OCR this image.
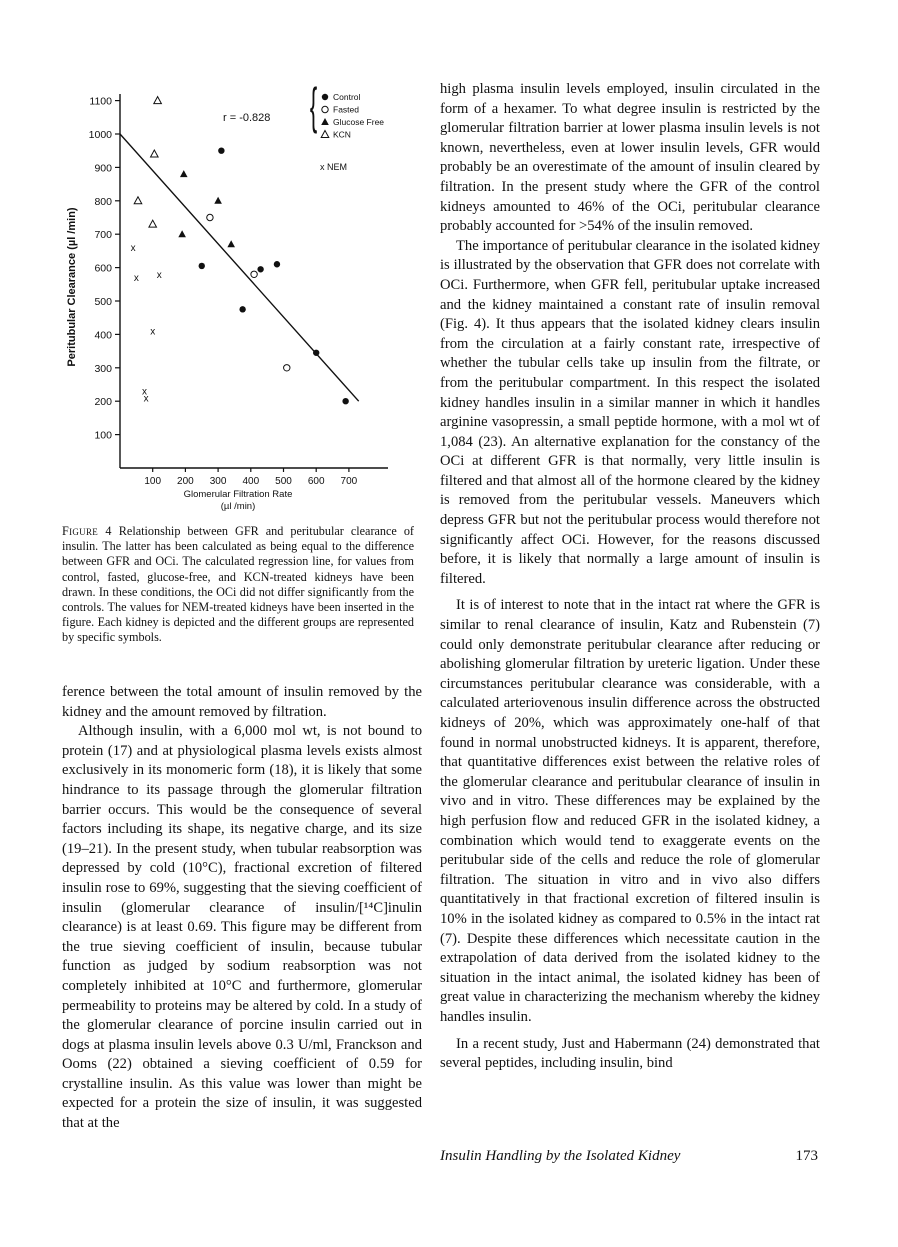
100
200
300
400
500
600
700
800
900
1000
1100
100 200 300 400 500 600 700
x
x
x
x
x
x
r = -0.828 { Control
Fasted
Glucose Free
KCN
x NEM
Peritubular Clearance (µl /min)
Glomerular Filtration Rate
(µl /min)
Figure 4 Relationship between GFR and peritubular clearance of insulin. The latter has been calculated as being equal to the difference between GFR and OCi. The calculated regression line, for values from control, fasted, glucose-free, and KCN-treated kidneys have been drawn. In these conditions, the OCi did not differ significantly from the controls. The values for NEM-treated kidneys have been inserted in the figure. Each kidney is depicted and the different groups are represented by specific symbols.

ference between the total amount of insulin removed by the kidney and the amount removed by filtration.

Although insulin, with a 6,000 mol wt, is not bound to protein (17) and at physiological plasma levels exists almost exclusively in its monomeric form (18), it is likely that some hindrance to its passage through the glomerular filtration barrier occurs. This would be the consequence of several factors including its shape, its negative charge, and its size (19–21). In the present study, when tubular reabsorption was depressed by cold (10°C), fractional excretion of filtered insulin rose to 69%, suggesting that the sieving coefficient of insulin (glomerular clearance of insulin/[¹⁴C]inulin clearance) is at least 0.69. This figure may be different from the true sieving coefficient of insulin, because tubular function as judged by sodium reabsorption was not completely inhibited at 10°C and furthermore, glomerular permeability to proteins may be altered by cold. In a study of the glomerular clearance of porcine insulin carried out in dogs at plasma insulin levels above 0.3 U/ml, Franckson and Ooms (22) obtained a sieving coefficient of 0.59 for crystalline insulin. As this value was lower than might be expected for a protein the size of insulin, it was suggested that at the

high plasma insulin levels employed, insulin circulated in the form of a hexamer. To what degree insulin is restricted by the glomerular filtration barrier at lower plasma insulin levels is not known, nevertheless, even at lower insulin levels, GFR would probably be an overestimate of the amount of insulin cleared by filtration. In the present study where the GFR of the control kidneys amounted to 46% of the OCi, peritubular clearance probably accounted for >54% of the insulin removed.

The importance of peritubular clearance in the isolated kidney is illustrated by the observation that GFR does not correlate with OCi. Furthermore, when GFR fell, peritubular uptake increased and the kidney maintained a constant rate of insulin removal (Fig. 4). It thus appears that the isolated kidney clears insulin from the circulation at a fairly constant rate, irrespective of whether the tubular cells take up insulin from the filtrate, or from the peritubular compartment. In this respect the isolated kidney handles insulin in a similar manner in which it handles arginine vasopressin, a small peptide hormone, with a mol wt of 1,084 (23). An alternative explanation for the constancy of the OCi at different GFR is that normally, very little insulin is filtered and that almost all of the hormone cleared by the kidney is removed from the peritubular vessels. Maneuvers which depress GFR but not the peritubular process would therefore not significantly affect OCi. However, for the reasons discussed before, it is likely that normally a large amount of insulin is filtered.

It is of interest to note that in the intact rat where the GFR is similar to renal clearance of insulin, Katz and Rubenstein (7) could only demonstrate peritubular clearance after reducing or abolishing glomerular filtration by ureteric ligation. Under these circumstances peritubular clearance was considerable, with a calculated arteriovenous insulin difference across the obstructed kidneys of 20%, which was approximately one-half of that found in normal unobstructed kidneys. It is apparent, therefore, that quantitative differences exist between the relative roles of the glomerular clearance and peritubular clearance of insulin in vivo and in vitro. These differences may be explained by the high perfusion flow and reduced GFR in the isolated kidney, a combination which would tend to exaggerate events on the peritubular side of the cells and reduce the role of glomerular filtration. The situation in vitro and in vivo also differs quantitatively in that fractional excretion of filtered insulin is 10% in the isolated kidney as compared to 0.5% in the intact rat (7). Despite these differences which necessitate caution in the extrapolation of data derived from the isolated kidney to the situation in the intact animal, the isolated kidney has been of great value in characterizing the mechanism whereby the kidney handles insulin.

In a recent study, Just and Habermann (24) demonstrated that several peptides, including insulin, bind

Insulin Handling by the Isolated Kidney	173
